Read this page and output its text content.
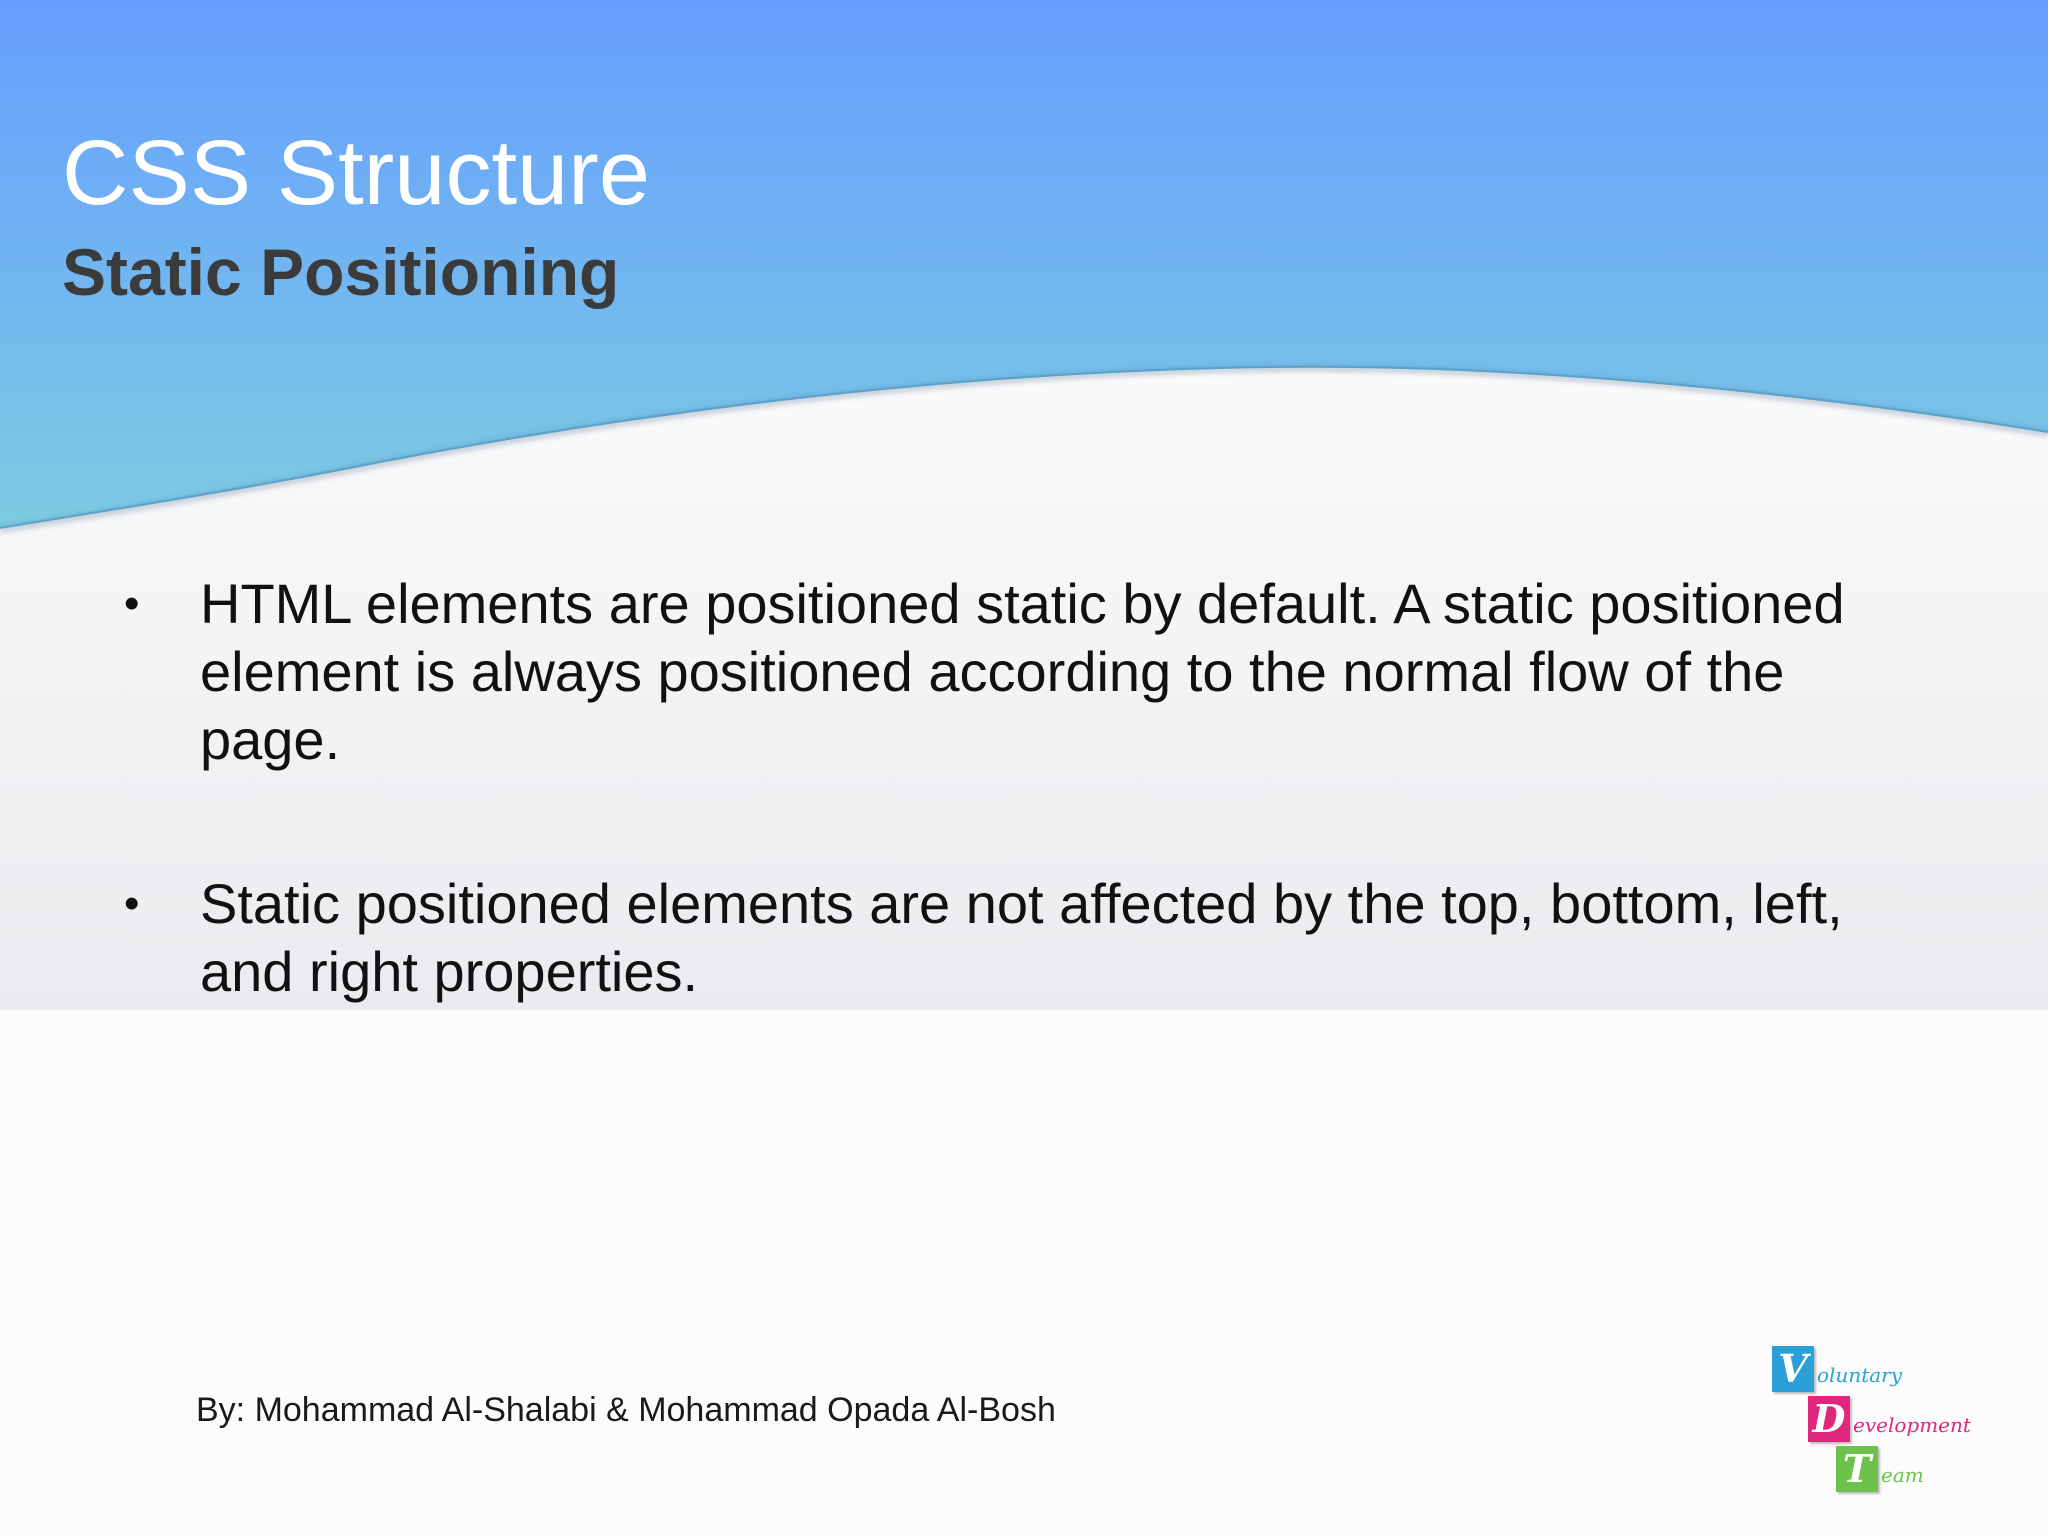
CSS Structure
Static Positioning
• HTML elements are positioned static by default. A static positioned element is always positioned according to the normal flow of the page.
• Static positioned elements are not affected by the top, bottom, left, and right properties.
By: Mohammad Al-Shalabi & Mohammad Opada Al-Bosh
V oluntary
D evelopment
T eam
